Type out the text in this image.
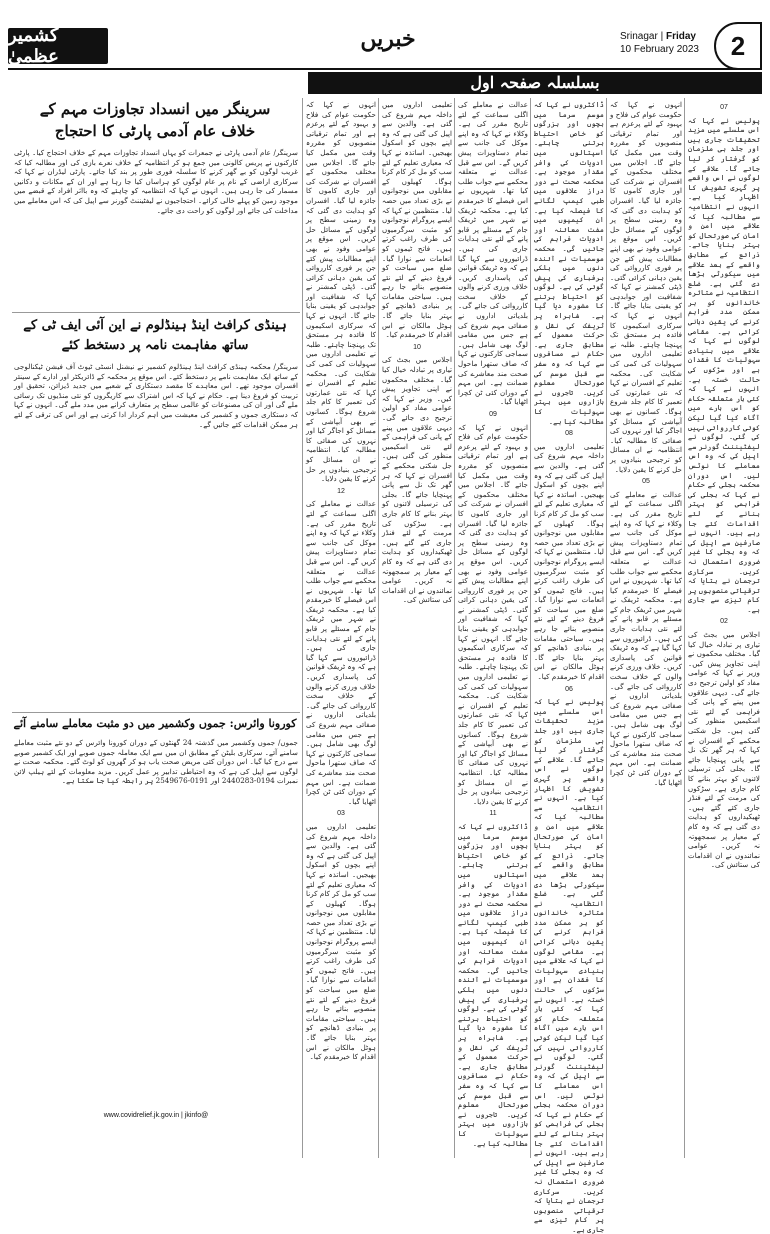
کشمیر عظمیٰ
خبریں	Srinagar | Friday
10 February 2023	2
بسلسلہ صفحہ اول
سرینگر میں انسداد تجاوزات مہم کے
خلاف عام آدمی پارٹی کا احتجاج
سرینگر/ عام آدمی پارٹی نے جمعرات کو یہاں انسداد تجاوزات مہم کے خلاف احتجاج کیا۔ پارٹی کارکنوں نے پریس کالونی میں جمع ہو کر انتظامیہ کے خلاف نعرے بازی کی اور مطالبہ کیا کہ غریب لوگوں کو بے گھر کرنے کا سلسلہ فوری طور پر بند کیا جائے۔ پارٹی لیڈران نے کہا کہ سرکاری اراضی کے نام پر عام لوگوں کو ہراساں کیا جا رہا ہے اور ان کے مکانات و دکانیں مسمار کی جا رہی ہیں۔ انہوں نے کہا کہ انتظامیہ کو چاہئے کہ وہ بااثر افراد کے قبضے میں موجود زمین کو پہلے خالی کرائے۔ احتجاجیوں نے لیفٹیننٹ گورنر سے اپیل کی کہ اس معاملے میں مداخلت کی جائے اور لوگوں کو راحت دی جائے۔
ہینڈی کرافٹ اینڈ ہینڈلوم نے این آئی ایف ٹی کے
ساتھ مفاہمت نامہ پر دستخط کئے
سرینگر/ محکمہ ہینڈی کرافٹ اینڈ ہینڈلوم کشمیر نے نیشنل انسٹی ٹیوٹ آف فیشن ٹیکنالوجی کے ساتھ ایک مفاہمت نامے پر دستخط کئے۔ اس موقع پر محکمہ کے ڈائریکٹر اور ادارے کے سینئر افسران موجود تھے۔ اس معاہدے کا مقصد دستکاری کے شعبے میں جدید ڈیزائن، تحقیق اور تربیت کو فروغ دینا ہے۔ حکام نے کہا کہ اس اشتراک سے کاریگروں کو نئی منڈیوں تک رسائی ملے گی اور ان کی مصنوعات کو عالمی سطح پر متعارف کرانے میں مدد ملے گی۔ انہوں نے کہا کہ دستکاری جموں و کشمیر کی معیشت میں اہم کردار ادا کرتی ہے اور اس کی ترقی کے لئے ہر ممکن اقدامات کئے جائیں گے۔
کورونا وائرس: جموں وکشمیر میں دو مثبت معاملے سامنے آئے
جموں/ جموں وکشمیر میں گذشتہ 24 گھنٹوں کے دوران کورونا وائرس کے دو نئے مثبت معاملے سامنے آئے۔ سرکاری بلیٹن کے مطابق ان میں سے ایک معاملہ جموں صوبے اور ایک کشمیر صوبے سے درج کیا گیا۔ اس دوران کئی مریض صحت یاب ہو کر گھروں کو لوٹ گئے۔ محکمہ صحت نے لوگوں سے اپیل کی ہے کہ وہ احتیاطی تدابیر پر عمل کریں۔ مزید معلومات کے لئے ہیلپ لائن نمبرات 0194-2440283 اور 0191-2549676 پر رابطہ کیا جا سکتا ہے۔
www.covidrelief.jk.gov.in | jkinfo@
07

پولیس نے کہا کہ اس سلسلے میں مزید تحقیقات جاری ہیں اور جلد ہی ملزمان کو گرفتار کر لیا جائے گا۔ علاقے کے لوگوں نے اس واقعے پر گہری تشویش کا اظہار کیا ہے۔ انہوں نے انتظامیہ سے مطالبہ کیا کہ علاقے میں امن و امان کی صورتحال کو بہتر بنایا جائے۔ ذرائع کے مطابق واقعے کے بعد علاقے میں سیکورٹی بڑھا دی گئی ہے۔ ضلع انتظامیہ نے متاثرہ خاندانوں کو ہر ممکن مدد فراہم کرنے کی یقین دہانی کرائی ہے۔ مقامی لوگوں نے کہا کہ علاقے میں بنیادی سہولیات کا فقدان ہے اور سڑکوں کی حالت خستہ ہے۔ انہوں نے کہا کہ کئی بار متعلقہ حکام کو اس بارے میں آگاہ کیا گیا لیکن کوئی کارروائی نہیں کی گئی۔ لوگوں نے لیفٹیننٹ گورنر سے اپیل کی کہ وہ اس معاملے کا نوٹس لیں۔ اس دوران محکمہ بجلی کے حکام نے کہا کہ بجلی کی فراہمی کو بہتر بنانے کے لئے اقدامات کئے جا رہے ہیں۔ انہوں نے صارفین سے اپیل کی کہ وہ بجلی کا غیر ضروری استعمال نہ کریں۔ سرکاری ترجمان نے بتایا کہ ترقیاتی منصوبوں پر کام تیزی سے جاری ہے۔

02

اجلاس میں بجٹ کی تیاری پر تبادلہ خیال کیا گیا۔ مختلف محکموں نے اپنی تجاویز پیش کیں۔ وزیر نے کہا کہ عوامی مفاد کو اولین ترجیح دی جائے گی۔ دیہی علاقوں میں پینے کے پانی کی فراہمی کے لئے نئی اسکیمیں منظور کی گئی ہیں۔ جل شکتی محکمے کے افسران نے کہا کہ ہر گھر تک نل سے پانی پہنچایا جائے گا۔ بجلی کی ترسیلی لائنوں کو بہتر بنانے کا کام جاری ہے۔ سڑکوں کی مرمت کے لئے فنڈز جاری کئے گئے ہیں۔ ٹھیکیداروں کو ہدایت دی گئی ہے کہ وہ کام کے معیار پر سمجھوتہ نہ کریں۔ عوامی نمائندوں نے ان اقدامات کی ستائش کی۔

انہوں نے کہا کہ حکومت عوام کی فلاح و بہبود کے لئے پرعزم ہے اور تمام ترقیاتی منصوبوں کو مقررہ وقت میں مکمل کیا جائے گا۔ اجلاس میں مختلف محکموں کے افسران نے شرکت کی اور جاری کاموں کا جائزہ لیا گیا۔ افسران کو ہدایت دی گئی کہ وہ زمینی سطح پر لوگوں کے مسائل حل کریں۔ اس موقع پر عوامی وفود نے بھی اپنے مطالبات پیش کئے جن پر فوری کارروائی کی یقین دہانی کرائی گئی۔ ڈپٹی کمشنر نے کہا کہ شفافیت اور جوابدہی کو یقینی بنایا جائے گا۔ انہوں نے کہا کہ سرکاری اسکیموں کا فائدہ ہر مستحق تک پہنچنا چاہئے۔ طلبہ نے تعلیمی اداروں میں سہولیات کی کمی کی شکایت کی۔ محکمہ تعلیم کے افسران نے کہا کہ نئی عمارتوں کی تعمیر کا کام جلد شروع ہوگا۔ کسانوں نے بھی آبپاشی کے مسائل کو اجاگر کیا اور نہروں کی صفائی کا مطالبہ کیا۔ انتظامیہ نے ان مسائل کو ترجیحی بنیادوں پر حل کرنے کا یقین دلایا۔

05

عدالت نے معاملے کی اگلی سماعت کے لئے تاریخ مقرر کی ہے۔ وکلاء نے کہا کہ وہ اپنے موکل کی جانب سے تمام دستاویزات پیش کریں گے۔ اس سے قبل عدالت نے متعلقہ محکمے سے جواب طلب کیا تھا۔ شہریوں نے اس فیصلے کا خیرمقدم کیا ہے۔ محکمہ ٹریفک نے شہر میں ٹریفک جام کے مسئلے پر قابو پانے کے لئے نئی ہدایات جاری کی ہیں۔ ڈرائیوروں سے کہا گیا ہے کہ وہ ٹریفک قوانین کی پاسداری کریں۔ خلاف ورزی کرنے والوں کے خلاف سخت کارروائی کی جائے گی۔ بلدیاتی اداروں نے صفائی مہم شروع کی ہے جس میں مقامی لوگ بھی شامل ہیں۔ سماجی کارکنوں نے کہا کہ صاف ستھرا ماحول صحت مند معاشرے کی ضمانت ہے۔ اس مہم کے دوران کئی ٹن کچرا اٹھایا گیا۔

ڈاکٹروں نے کہا کہ موسم سرما میں بچوں اور بزرگوں کو خاص احتیاط برتنی چاہئے۔ اسپتالوں میں ادویات کی وافر مقدار موجود ہے۔ محکمہ صحت نے دور دراز علاقوں میں طبی کیمپ لگانے کا فیصلہ کیا ہے۔ ان کیمپوں میں مفت معائنہ اور ادویات فراہم کی جائیں گی۔ محکمہ موسمیات نے آئندہ دنوں میں ہلکی برفباری کی پیش گوئی کی ہے۔ لوگوں کو احتیاط برتنے کا مشورہ دیا گیا ہے۔ شاہراہ پر ٹریفک کی نقل و حرکت معمول کے مطابق جاری ہے۔ حکام نے مسافروں سے کہا کہ وہ سفر سے قبل موسم کی صورتحال معلوم کریں۔ تاجروں نے بازاروں میں بہتر سہولیات کا مطالبہ کیا ہے۔

08

تعلیمی اداروں میں داخلہ مہم شروع کی گئی ہے۔ والدین سے اپیل کی گئی ہے کہ وہ اپنے بچوں کو اسکول بھیجیں۔ اساتذہ نے کہا کہ معیاری تعلیم کے لئے سب کو مل کر کام کرنا ہوگا۔ کھیلوں کے مقابلوں میں نوجوانوں نے بڑی تعداد میں حصہ لیا۔ منتظمین نے کہا کہ ایسے پروگرام نوجوانوں کو مثبت سرگرمیوں کی طرف راغب کرتے ہیں۔ فاتح ٹیموں کو انعامات سے نوازا گیا۔ ضلع میں سیاحت کو فروغ دینے کے لئے نئے منصوبے بنائے جا رہے ہیں۔ سیاحتی مقامات پر بنیادی ڈھانچے کو بہتر بنایا جائے گا۔ ہوٹل مالکان نے اس اقدام کا خیرمقدم کیا۔

06

پولیس نے کہا کہ اس سلسلے میں مزید تحقیقات جاری ہیں اور جلد ہی ملزمان کو گرفتار کر لیا جائے گا۔ علاقے کے لوگوں نے اس واقعے پر گہری تشویش کا اظہار کیا ہے۔ انہوں نے انتظامیہ سے مطالبہ کیا کہ علاقے میں امن و امان کی صورتحال کو بہتر بنایا جائے۔ ذرائع کے مطابق واقعے کے بعد علاقے میں سیکورٹی بڑھا دی گئی ہے۔ ضلع انتظامیہ نے متاثرہ خاندانوں کو ہر ممکن مدد فراہم کرنے کی یقین دہانی کرائی ہے۔ مقامی لوگوں نے کہا کہ علاقے میں بنیادی سہولیات کا فقدان ہے اور سڑکوں کی حالت خستہ ہے۔ انہوں نے کہا کہ کئی بار متعلقہ حکام کو اس بارے میں آگاہ کیا گیا لیکن کوئی کارروائی نہیں کی گئی۔ لوگوں نے لیفٹیننٹ گورنر سے اپیل کی کہ وہ اس معاملے کا نوٹس لیں۔ اس دوران محکمہ بجلی کے حکام نے کہا کہ بجلی کی فراہمی کو بہتر بنانے کے لئے اقدامات کئے جا رہے ہیں۔ انہوں نے صارفین سے اپیل کی کہ وہ بجلی کا غیر ضروری استعمال نہ کریں۔ سرکاری ترجمان نے بتایا کہ ترقیاتی منصوبوں پر کام تیزی سے جاری ہے۔

عدالت نے معاملے کی اگلی سماعت کے لئے تاریخ مقرر کی ہے۔ وکلاء نے کہا کہ وہ اپنے موکل کی جانب سے تمام دستاویزات پیش کریں گے۔ اس سے قبل عدالت نے متعلقہ محکمے سے جواب طلب کیا تھا۔ شہریوں نے اس فیصلے کا خیرمقدم کیا ہے۔ محکمہ ٹریفک نے شہر میں ٹریفک جام کے مسئلے پر قابو پانے کے لئے نئی ہدایات جاری کی ہیں۔ ڈرائیوروں سے کہا گیا ہے کہ وہ ٹریفک قوانین کی پاسداری کریں۔ خلاف ورزی کرنے والوں کے خلاف سخت کارروائی کی جائے گی۔ بلدیاتی اداروں نے صفائی مہم شروع کی ہے جس میں مقامی لوگ بھی شامل ہیں۔ سماجی کارکنوں نے کہا کہ صاف ستھرا ماحول صحت مند معاشرے کی ضمانت ہے۔ اس مہم کے دوران کئی ٹن کچرا اٹھایا گیا۔

09

انہوں نے کہا کہ حکومت عوام کی فلاح و بہبود کے لئے پرعزم ہے اور تمام ترقیاتی منصوبوں کو مقررہ وقت میں مکمل کیا جائے گا۔ اجلاس میں مختلف محکموں کے افسران نے شرکت کی اور جاری کاموں کا جائزہ لیا گیا۔ افسران کو ہدایت دی گئی کہ وہ زمینی سطح پر لوگوں کے مسائل حل کریں۔ اس موقع پر عوامی وفود نے بھی اپنے مطالبات پیش کئے جن پر فوری کارروائی کی یقین دہانی کرائی گئی۔ ڈپٹی کمشنر نے کہا کہ شفافیت اور جوابدہی کو یقینی بنایا جائے گا۔ انہوں نے کہا کہ سرکاری اسکیموں کا فائدہ ہر مستحق تک پہنچنا چاہئے۔ طلبہ نے تعلیمی اداروں میں سہولیات کی کمی کی شکایت کی۔ محکمہ تعلیم کے افسران نے کہا کہ نئی عمارتوں کی تعمیر کا کام جلد شروع ہوگا۔ کسانوں نے بھی آبپاشی کے مسائل کو اجاگر کیا اور نہروں کی صفائی کا مطالبہ کیا۔ انتظامیہ نے ان مسائل کو ترجیحی بنیادوں پر حل کرنے کا یقین دلایا۔

11

ڈاکٹروں نے کہا کہ موسم سرما میں بچوں اور بزرگوں کو خاص احتیاط برتنی چاہئے۔ اسپتالوں میں ادویات کی وافر مقدار موجود ہے۔ محکمہ صحت نے دور دراز علاقوں میں طبی کیمپ لگانے کا فیصلہ کیا ہے۔ ان کیمپوں میں مفت معائنہ اور ادویات فراہم کی جائیں گی۔ محکمہ موسمیات نے آئندہ دنوں میں ہلکی برفباری کی پیش گوئی کی ہے۔ لوگوں کو احتیاط برتنے کا مشورہ دیا گیا ہے۔ شاہراہ پر ٹریفک کی نقل و حرکت معمول کے مطابق جاری ہے۔ حکام نے مسافروں سے کہا کہ وہ سفر سے قبل موسم کی صورتحال معلوم کریں۔ تاجروں نے بازاروں میں بہتر سہولیات کا مطالبہ کیا ہے۔

تعلیمی اداروں میں داخلہ مہم شروع کی گئی ہے۔ والدین سے اپیل کی گئی ہے کہ وہ اپنے بچوں کو اسکول بھیجیں۔ اساتذہ نے کہا کہ معیاری تعلیم کے لئے سب کو مل کر کام کرنا ہوگا۔ کھیلوں کے مقابلوں میں نوجوانوں نے بڑی تعداد میں حصہ لیا۔ منتظمین نے کہا کہ ایسے پروگرام نوجوانوں کو مثبت سرگرمیوں کی طرف راغب کرتے ہیں۔ فاتح ٹیموں کو انعامات سے نوازا گیا۔ ضلع میں سیاحت کو فروغ دینے کے لئے نئے منصوبے بنائے جا رہے ہیں۔ سیاحتی مقامات پر بنیادی ڈھانچے کو بہتر بنایا جائے گا۔ ہوٹل مالکان نے اس اقدام کا خیرمقدم کیا۔

10

اجلاس میں بجٹ کی تیاری پر تبادلہ خیال کیا گیا۔ مختلف محکموں نے اپنی تجاویز پیش کیں۔ وزیر نے کہا کہ عوامی مفاد کو اولین ترجیح دی جائے گی۔ دیہی علاقوں میں پینے کے پانی کی فراہمی کے لئے نئی اسکیمیں منظور کی گئی ہیں۔ جل شکتی محکمے کے افسران نے کہا کہ ہر گھر تک نل سے پانی پہنچایا جائے گا۔ بجلی کی ترسیلی لائنوں کو بہتر بنانے کا کام جاری ہے۔ سڑکوں کی مرمت کے لئے فنڈز جاری کئے گئے ہیں۔ ٹھیکیداروں کو ہدایت دی گئی ہے کہ وہ کام کے معیار پر سمجھوتہ نہ کریں۔ عوامی نمائندوں نے ان اقدامات کی ستائش کی۔

انہوں نے کہا کہ حکومت عوام کی فلاح و بہبود کے لئے پرعزم ہے اور تمام ترقیاتی منصوبوں کو مقررہ وقت میں مکمل کیا جائے گا۔ اجلاس میں مختلف محکموں کے افسران نے شرکت کی اور جاری کاموں کا جائزہ لیا گیا۔ افسران کو ہدایت دی گئی کہ وہ زمینی سطح پر لوگوں کے مسائل حل کریں۔ اس موقع پر عوامی وفود نے بھی اپنے مطالبات پیش کئے جن پر فوری کارروائی کی یقین دہانی کرائی گئی۔ ڈپٹی کمشنر نے کہا کہ شفافیت اور جوابدہی کو یقینی بنایا جائے گا۔ انہوں نے کہا کہ سرکاری اسکیموں کا فائدہ ہر مستحق تک پہنچنا چاہئے۔ طلبہ نے تعلیمی اداروں میں سہولیات کی کمی کی شکایت کی۔ محکمہ تعلیم کے افسران نے کہا کہ نئی عمارتوں کی تعمیر کا کام جلد شروع ہوگا۔ کسانوں نے بھی آبپاشی کے مسائل کو اجاگر کیا اور نہروں کی صفائی کا مطالبہ کیا۔ انتظامیہ نے ان مسائل کو ترجیحی بنیادوں پر حل کرنے کا یقین دلایا۔

12

عدالت نے معاملے کی اگلی سماعت کے لئے تاریخ مقرر کی ہے۔ وکلاء نے کہا کہ وہ اپنے موکل کی جانب سے تمام دستاویزات پیش کریں گے۔ اس سے قبل عدالت نے متعلقہ محکمے سے جواب طلب کیا تھا۔ شہریوں نے اس فیصلے کا خیرمقدم کیا ہے۔ محکمہ ٹریفک نے شہر میں ٹریفک جام کے مسئلے پر قابو پانے کے لئے نئی ہدایات جاری کی ہیں۔ ڈرائیوروں سے کہا گیا ہے کہ وہ ٹریفک قوانین کی پاسداری کریں۔ خلاف ورزی کرنے والوں کے خلاف سخت کارروائی کی جائے گی۔ بلدیاتی اداروں نے صفائی مہم شروع کی ہے جس میں مقامی لوگ بھی شامل ہیں۔ سماجی کارکنوں نے کہا کہ صاف ستھرا ماحول صحت مند معاشرے کی ضمانت ہے۔ اس مہم کے دوران کئی ٹن کچرا اٹھایا گیا۔

03

تعلیمی اداروں میں داخلہ مہم شروع کی گئی ہے۔ والدین سے اپیل کی گئی ہے کہ وہ اپنے بچوں کو اسکول بھیجیں۔ اساتذہ نے کہا کہ معیاری تعلیم کے لئے سب کو مل کر کام کرنا ہوگا۔ کھیلوں کے مقابلوں میں نوجوانوں نے بڑی تعداد میں حصہ لیا۔ منتظمین نے کہا کہ ایسے پروگرام نوجوانوں کو مثبت سرگرمیوں کی طرف راغب کرتے ہیں۔ فاتح ٹیموں کو انعامات سے نوازا گیا۔ ضلع میں سیاحت کو فروغ دینے کے لئے نئے منصوبے بنائے جا رہے ہیں۔ سیاحتی مقامات پر بنیادی ڈھانچے کو بہتر بنایا جائے گا۔ ہوٹل مالکان نے اس اقدام کا خیرمقدم کیا۔
